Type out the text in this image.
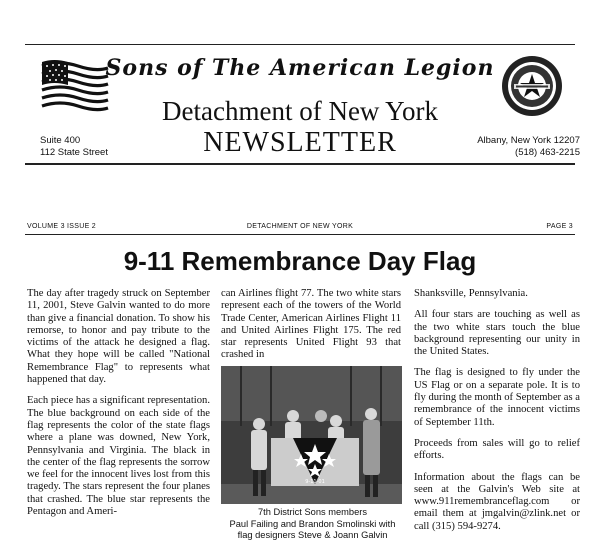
Sons of The American Legion
Detachment of New York
NEWSLETTER
Suite 400
112 State Street
Albany, New York 12207
(518) 463-2215
VOLUME 3 ISSUE 2	DETACHMENT OF NEW YORK	PAGE 3
9-11 Remembrance Day Flag

The day after tragedy struck on September 11, 2001, Steve Galvin wanted to do more than give a financial donation. To show his remorse, to honor and pay tribute to the victims of the attack he designed a flag. What they hope will be called "National Remembrance Flag" to represents what happened that day.

Each piece has a significant representation. The blue background on each side of the flag represents the color of the state flags where a plane was downed, New York, Pennsylvania and Virginia. The black in the center of the flag represents the sorrow we feel for the innocent lives lost from this tragedy. The stars represent the four planes that crashed. The blue star represents the Pentagon and Ameri-

can Airlines flight 77. The two white stars represent each of the towers of the World Trade Center, American Airlines Flight 11 and United Airlines Flight 175. The red star represents United Flight 93 that crashed in

Shanksville, Pennsylvania.

All four stars are touching as well as the two white stars touch the blue background representing our unity in the United States.

The flag is designed to fly under the US Flag or on a separate pole. It is to fly during the month of September as a remembrance of the innocent victims of September 11th.

Proceeds from sales will go to relief efforts.

Information about the flags can be seen at the Galvin's Web site at www.911remembranceflag.com or email them at jmgalvin@zlink.net or call (315) 594-9274.

9-11-01
7th District Sons members
Paul Failing and Brandon Smolinski with
flag designers Steve & Joann Galvin
